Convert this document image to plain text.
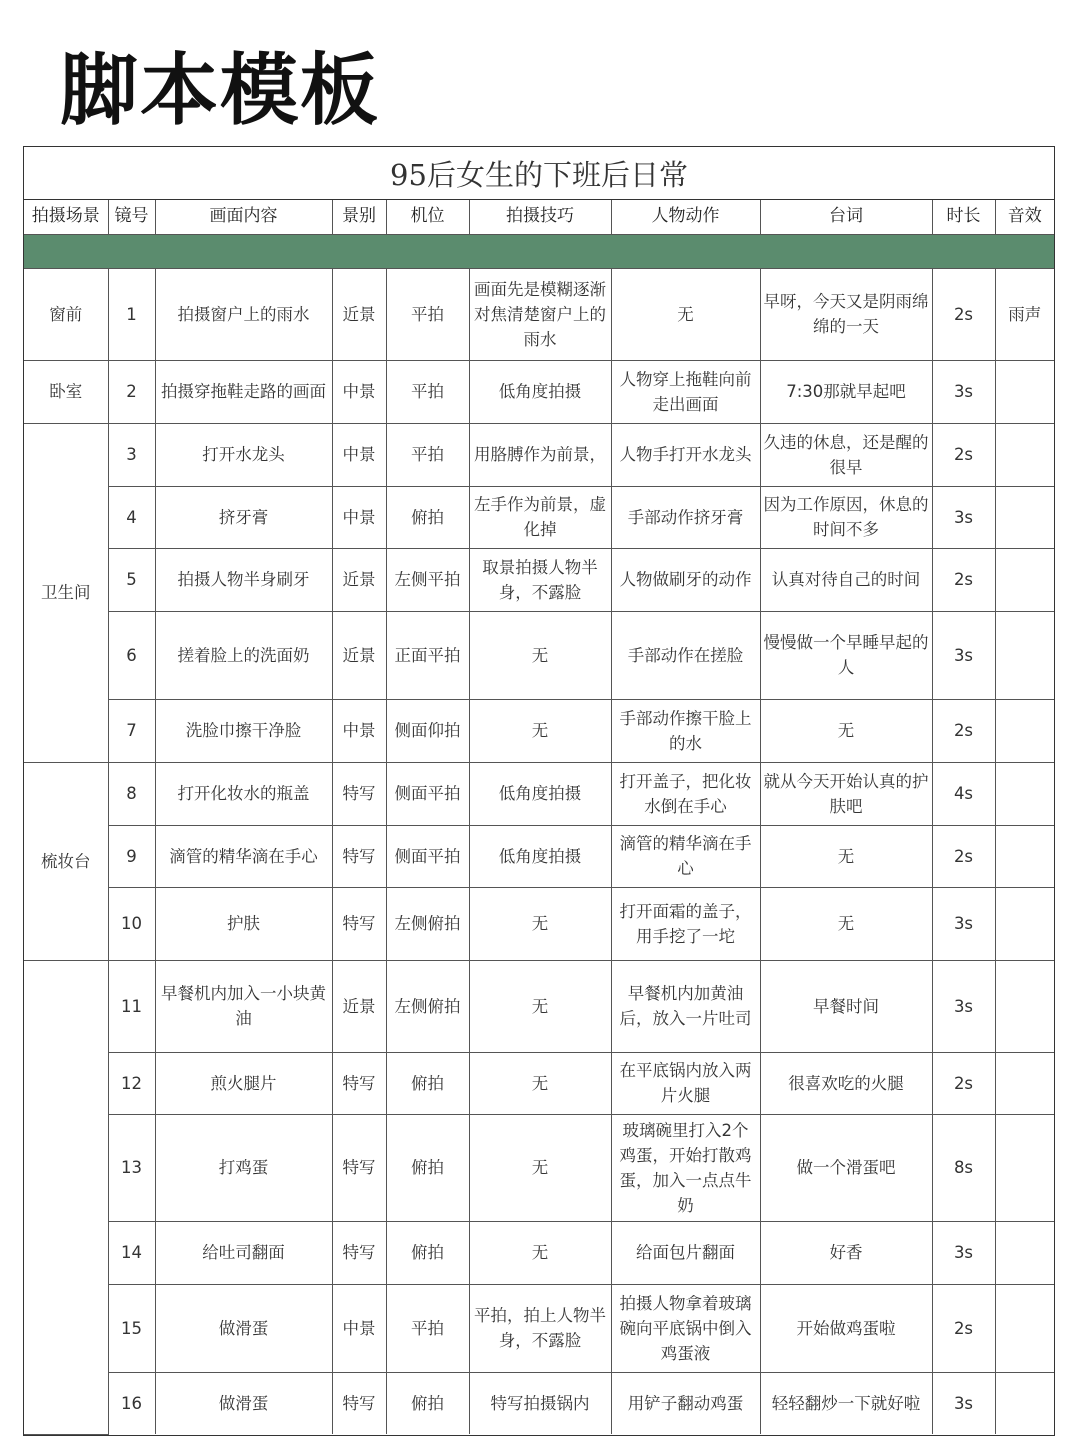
脚本模板
95后女生的下班后日常
拍摄场景	镜号	画面内容	景别	机位	拍摄技巧	人物动作	台词	时长	音效

窗前	1	拍摄窗户上的雨水	近景	平拍	画面先是模糊逐渐对焦清楚窗户上的雨水	无	早呀，今天又是阴雨绵绵的一天	2s	雨声
卧室	2	拍摄穿拖鞋走路的画面	中景	平拍	低角度拍摄	人物穿上拖鞋向前走出画面	7:30那就早起吧	3s	
卫生间	3	打开水龙头	中景	平拍	用胳膊作为前景，	人物手打开水龙头	久违的休息，还是醒的很早	2s	
	4	挤牙膏	中景	俯拍	左手作为前景，虚化掉	手部动作挤牙膏	因为工作原因，休息的时间不多	3s	
	5	拍摄人物半身刷牙	近景	左侧平拍	取景拍摄人物半身，不露脸	人物做刷牙的动作	认真对待自己的时间	2s	
	6	搓着脸上的洗面奶	近景	正面平拍	无	手部动作在搓脸	慢慢做一个早睡早起的人	3s	
	7	洗脸巾擦干净脸	中景	侧面仰拍	无	手部动作擦干脸上的水	无	2s	
梳妆台	8	打开化妆水的瓶盖	特写	侧面平拍	低角度拍摄	打开盖子，把化妆水倒在手心	就从今天开始认真的护肤吧	4s	
	9	滴管的精华滴在手心	特写	侧面平拍	低角度拍摄	滴管的精华滴在手心	无	2s	
	10	护肤	特写	左侧俯拍	无	打开面霜的盖子，用手挖了一坨	无	3s	
	11	早餐机内加入一小块黄油	近景	左侧俯拍	无	早餐机内加黄油后，放入一片吐司	早餐时间	3s	
	12	煎火腿片	特写	俯拍	无	在平底锅内放入两片火腿	很喜欢吃的火腿	2s	
	13	打鸡蛋	特写	俯拍	无	玻璃碗里打入2个鸡蛋，开始打散鸡蛋，加入一点点牛奶	做一个滑蛋吧	8s	
	14	给吐司翻面	特写	俯拍	无	给面包片翻面	好香	3s	
	15	做滑蛋	中景	平拍	平拍，拍上人物半身，不露脸	拍摄人物拿着玻璃碗向平底锅中倒入鸡蛋液	开始做鸡蛋啦	2s	
	16	做滑蛋	特写	俯拍	特写拍摄锅内	用铲子翻动鸡蛋	轻轻翻炒一下就好啦	3s	
